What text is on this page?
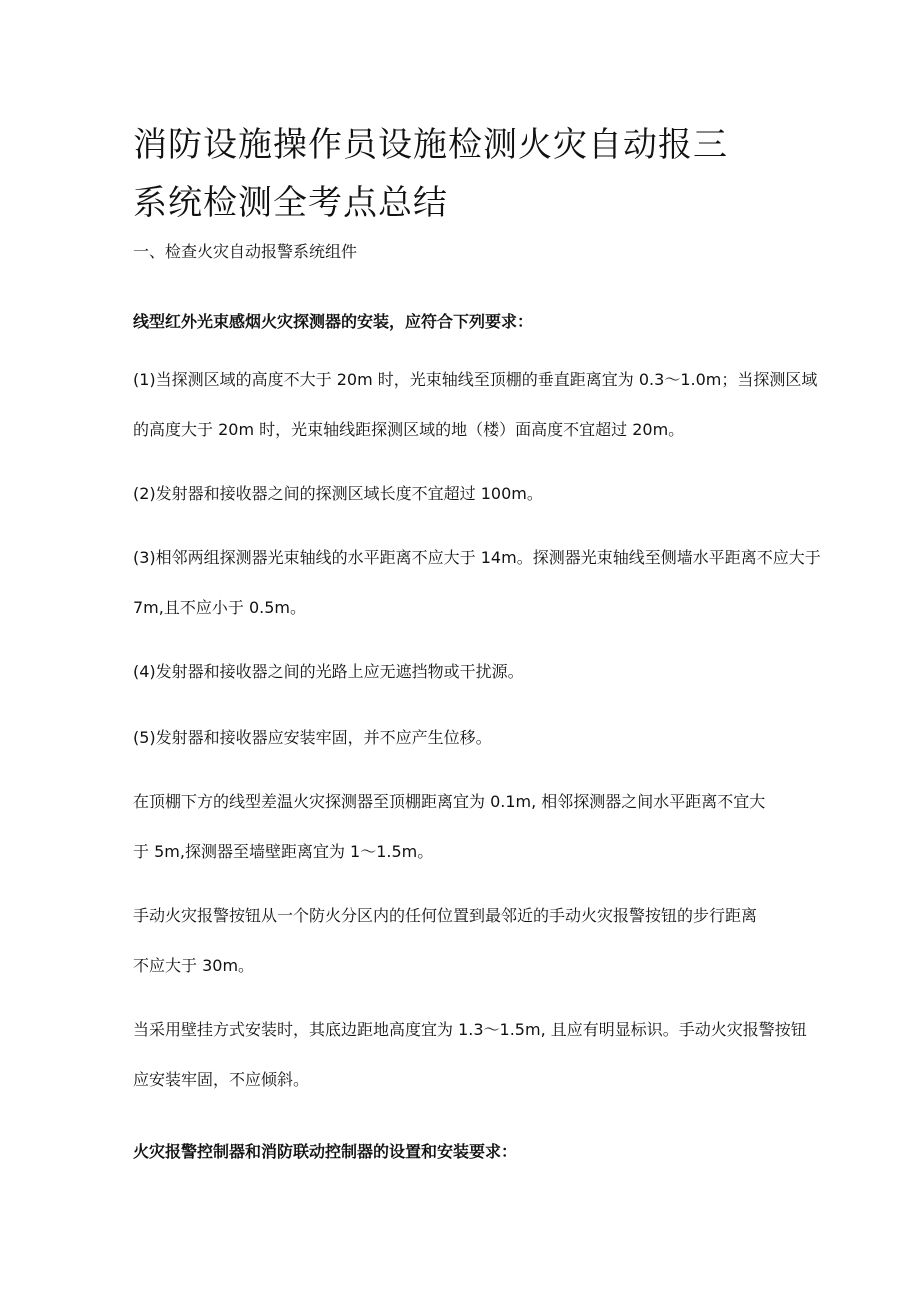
消防设施操作员设施检测火灾自动报三
系统检测全考点总结
一、检查火灾自动报警系统组件
线型红外光束感烟火灾探测器的安装，应符合下列要求：
(1)当探测区域的高度不大于 20m 时，光束轴线至顶棚的垂直距离宜为 0.3～1.0m；当探测区域
的高度大于 20m 时，光束轴线距探测区域的地（楼）面高度不宜超过 20m。
(2)发射器和接收器之间的探测区域长度不宜超过 100m。
(3)相邻两组探测器光束轴线的水平距离不应大于 14m。探测器光束轴线至侧墙水平距离不应大于
7m,且不应小于 0.5m。
(4)发射器和接收器之间的光路上应无遮挡物或干扰源。
(5)发射器和接收器应安装牢固，并不应产生位移。
在顶棚下方的线型差温火灾探测器至顶棚距离宜为 0.1m, 相邻探测器之间水平距离不宜大
于 5m,探测器至墙壁距离宜为 1～1.5m。
手动火灾报警按钮从一个防火分区内的任何位置到最邻近的手动火灾报警按钮的步行距离
不应大于 30m。
当采用壁挂方式安装时，其底边距地高度宜为 1.3～1.5m, 且应有明显标识。手动火灾报警按钮
应安装牢固，不应倾斜。
火灾报警控制器和消防联动控制器的设置和安装要求：
